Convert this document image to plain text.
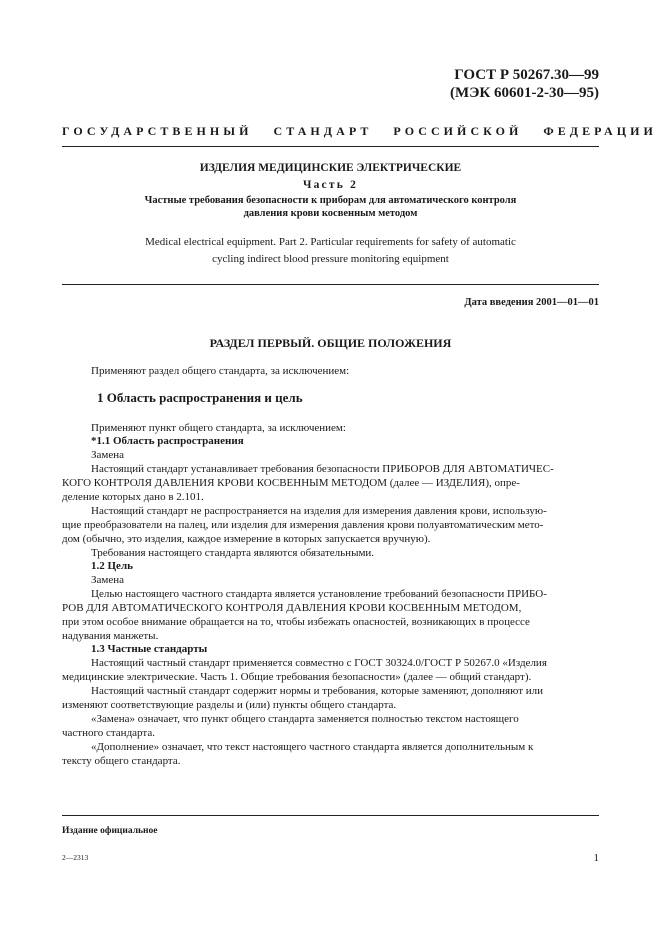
ГОСТ Р 50267.30—99
(МЭК 60601-2-30—95)
ГОСУДАРСТВЕННЫЙ СТАНДАРТ РОССИЙСКОЙ ФЕДЕРАЦИИ
ИЗДЕЛИЯ МЕДИЦИНСКИЕ ЭЛЕКТРИЧЕСКИЕ
Часть 2
Частные требования безопасности к приборам для автоматического контроля
давления крови косвенным методом
Medical electrical equipment. Part 2. Particular requirements for safety of automatic
cycling indirect blood pressure monitoring equipment
Дата введения 2001—01—01
РАЗДЕЛ ПЕРВЫЙ. ОБЩИЕ ПОЛОЖЕНИЯ
Применяют раздел общего стандарта, за исключением:
1 Область распространения и цель
Применяют пункт общего стандарта, за исключением:
*1.1 Область распространения
Замена
Настоящий стандарт устанавливает требования безопасности ПРИБОРОВ ДЛЯ АВТОМАТИЧЕС-
КОГО КОНТРОЛЯ ДАВЛЕНИЯ КРОВИ КОСВЕННЫМ МЕТОДОМ (далее — ИЗДЕЛИЯ), опре-
деление которых дано в 2.101.
Настоящий стандарт не распространяется на изделия для измерения давления крови, использую-
щие преобразователи на палец, или изделия для измерения давления крови полуавтоматическим мето-
дом (обычно, это изделия, каждое измерение в которых запускается вручную).
Требования настоящего стандарта являются обязательными.
1.2 Цель
Замена
Целью настоящего частного стандарта является установление требований безопасности ПРИБО-
РОВ ДЛЯ АВТОМАТИЧЕСКОГО КОНТРОЛЯ ДАВЛЕНИЯ КРОВИ КОСВЕННЫМ МЕТОДОМ,
при этом особое внимание обращается на то, чтобы избежать опасностей, возникающих в процессе
надувания манжеты.
1.3 Частные стандарты
Настоящий частный стандарт применяется совместно с ГОСТ 30324.0/ГОСТ Р 50267.0 «Изделия
медицинские электрические. Часть 1. Общие требования безопасности» (далее — общий стандарт).
Настоящий частный стандарт содержит нормы и требования, которые заменяют, дополняют или
изменяют соответствующие разделы и (или) пункты общего стандарта.
«Замена» означает, что пункт общего стандарта заменяется полностью текстом настоящего
частного стандарта.
«Дополнение» означает, что текст настоящего частного стандарта является дополнительным к
тексту общего стандарта.
Издание официальное
2—2313	1
